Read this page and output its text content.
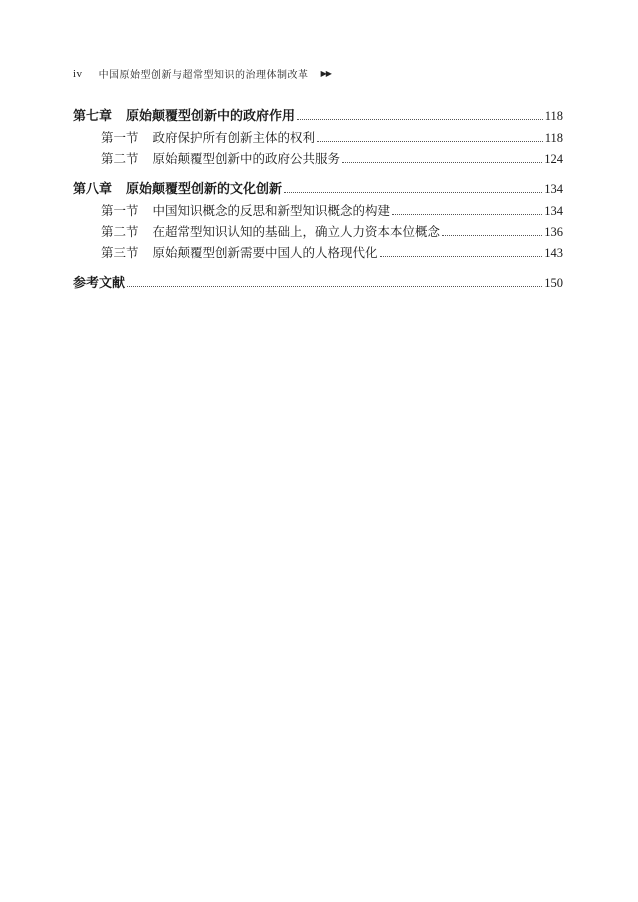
iv 中国原始型创新与超常型知识的治理体制改革 ▶▶
第七章 原始颠覆型创新中的政府作用	118
第一节 政府保护所有创新主体的权利	118
第二节 原始颠覆型创新中的政府公共服务	124
第八章 原始颠覆型创新的文化创新	134
第一节 中国知识概念的反思和新型知识概念的构建	134
第二节 在超常型知识认知的基础上，确立人力资本本位概念	136
第三节 原始颠覆型创新需要中国人的人格现代化	143
参考文献	150
